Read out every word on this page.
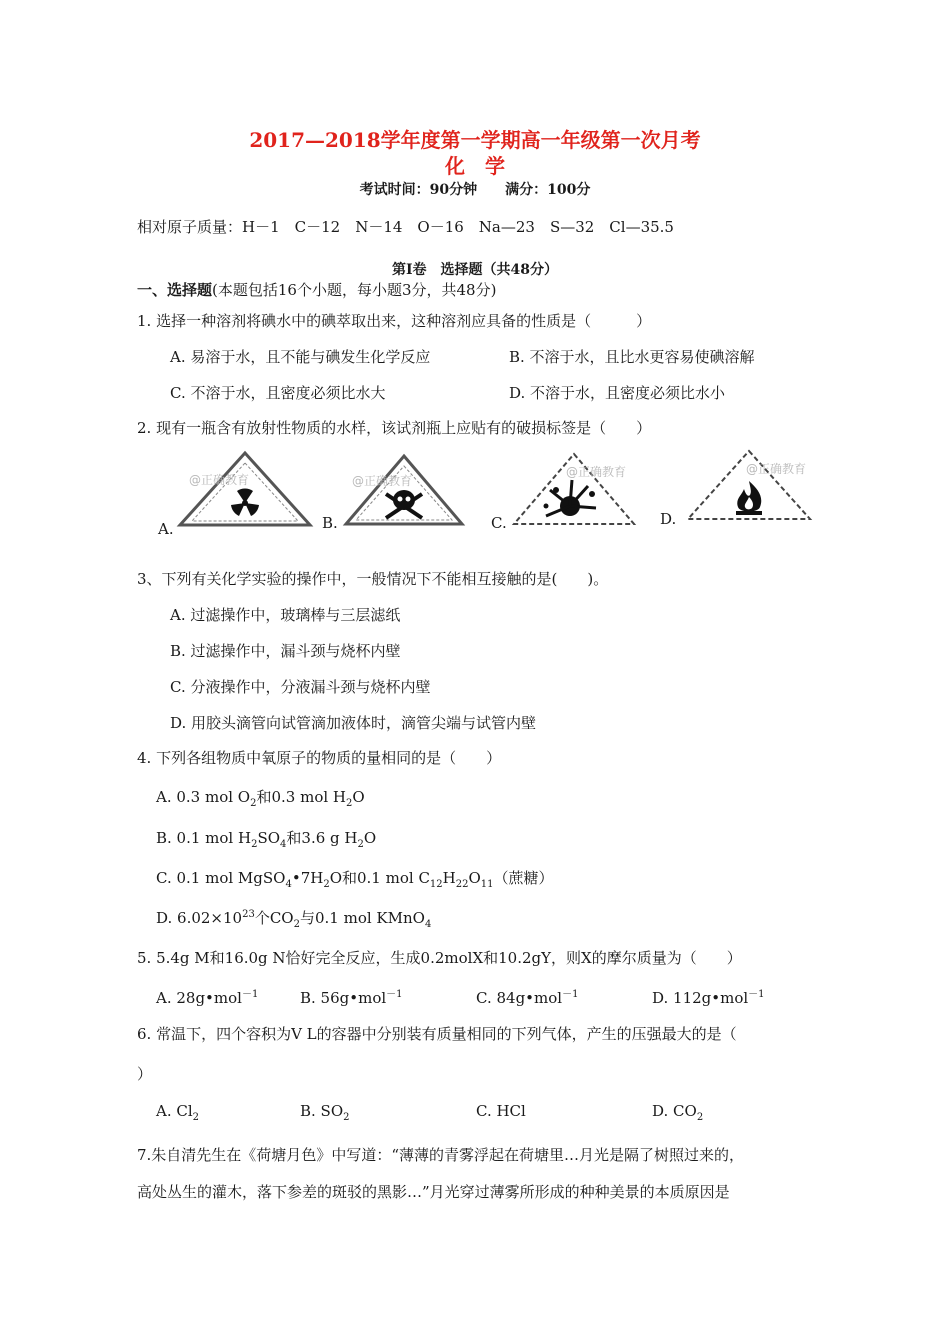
2017—2018学年度第一学期高一年级第一次月考
化　学
考试时间：90分钟　　满分：100分
相对原子质量：H－1　C－12　N－14　O－16　Na—23　S—32　Cl—35.5
第Ⅰ卷　选择题（共48分）
一、选择题(本题包括16个小题，每小题3分，共48分)
1. 选择一种溶剂将碘水中的碘萃取出来，这种溶剂应具备的性质是（　　　）
A. 易溶于水，且不能与碘发生化学反应	B. 不溶于水，且比水更容易使碘溶解
C. 不溶于水，且密度必须比水大	D. 不溶于水，且密度必须比水小
2. 现有一瓶含有放射性物质的水样，该试剂瓶上应贴有的破损标签是（　　）
A.
@正确教育
B.
@正确教育
C.
@正确教育
D.
@正确教育
3、下列有关化学实验的操作中，一般情况下不能相互接触的是(　　)。
A. 过滤操作中，玻璃棒与三层滤纸
B. 过滤操作中，漏斗颈与烧杯内壁
C. 分液操作中，分液漏斗颈与烧杯内壁
D. 用胶头滴管向试管滴加液体时，滴管尖端与试管内壁
4. 下列各组物质中氧原子的物质的量相同的是（　　）
A. 0.3 mol $O_2$和0.3 mol $H_2O$
B. 0.1 mol $H_2SO_4$和3.6 g $H_2O$
C. 0.1 mol $MgSO_4•7H_2O$和0.1 mol $C_{12}H_{22}O_{11}$（蔗糖）
D. $6.02\times 10^{23}$个$CO_2$与0.1 mol KMnO$_4$
5. 5.4g M和16.0g N恰好完全反应，生成0.2molX和10.2gY，则X的摩尔质量为（　　）
A. 28g•mol$^{-1}$	B. 56g•mol$^{-1}$	C. 84g•mol$^{-1}$	D. 112g•mol$^{-1}$
6. 常温下，四个容积为V L的容器中分别装有质量相同的下列气体，产生的压强最大的是（
）
A. $Cl_2$	B. $SO_2$	C. HCl	D. $CO_2$
7.朱自清先生在《荷塘月色》中写道：“薄薄的青雾浮起在荷塘里…月光是隔了树照过来的，
高处丛生的灌木，落下参差的斑驳的黑影…”月光穿过薄雾所形成的种种美景的本质原因是
